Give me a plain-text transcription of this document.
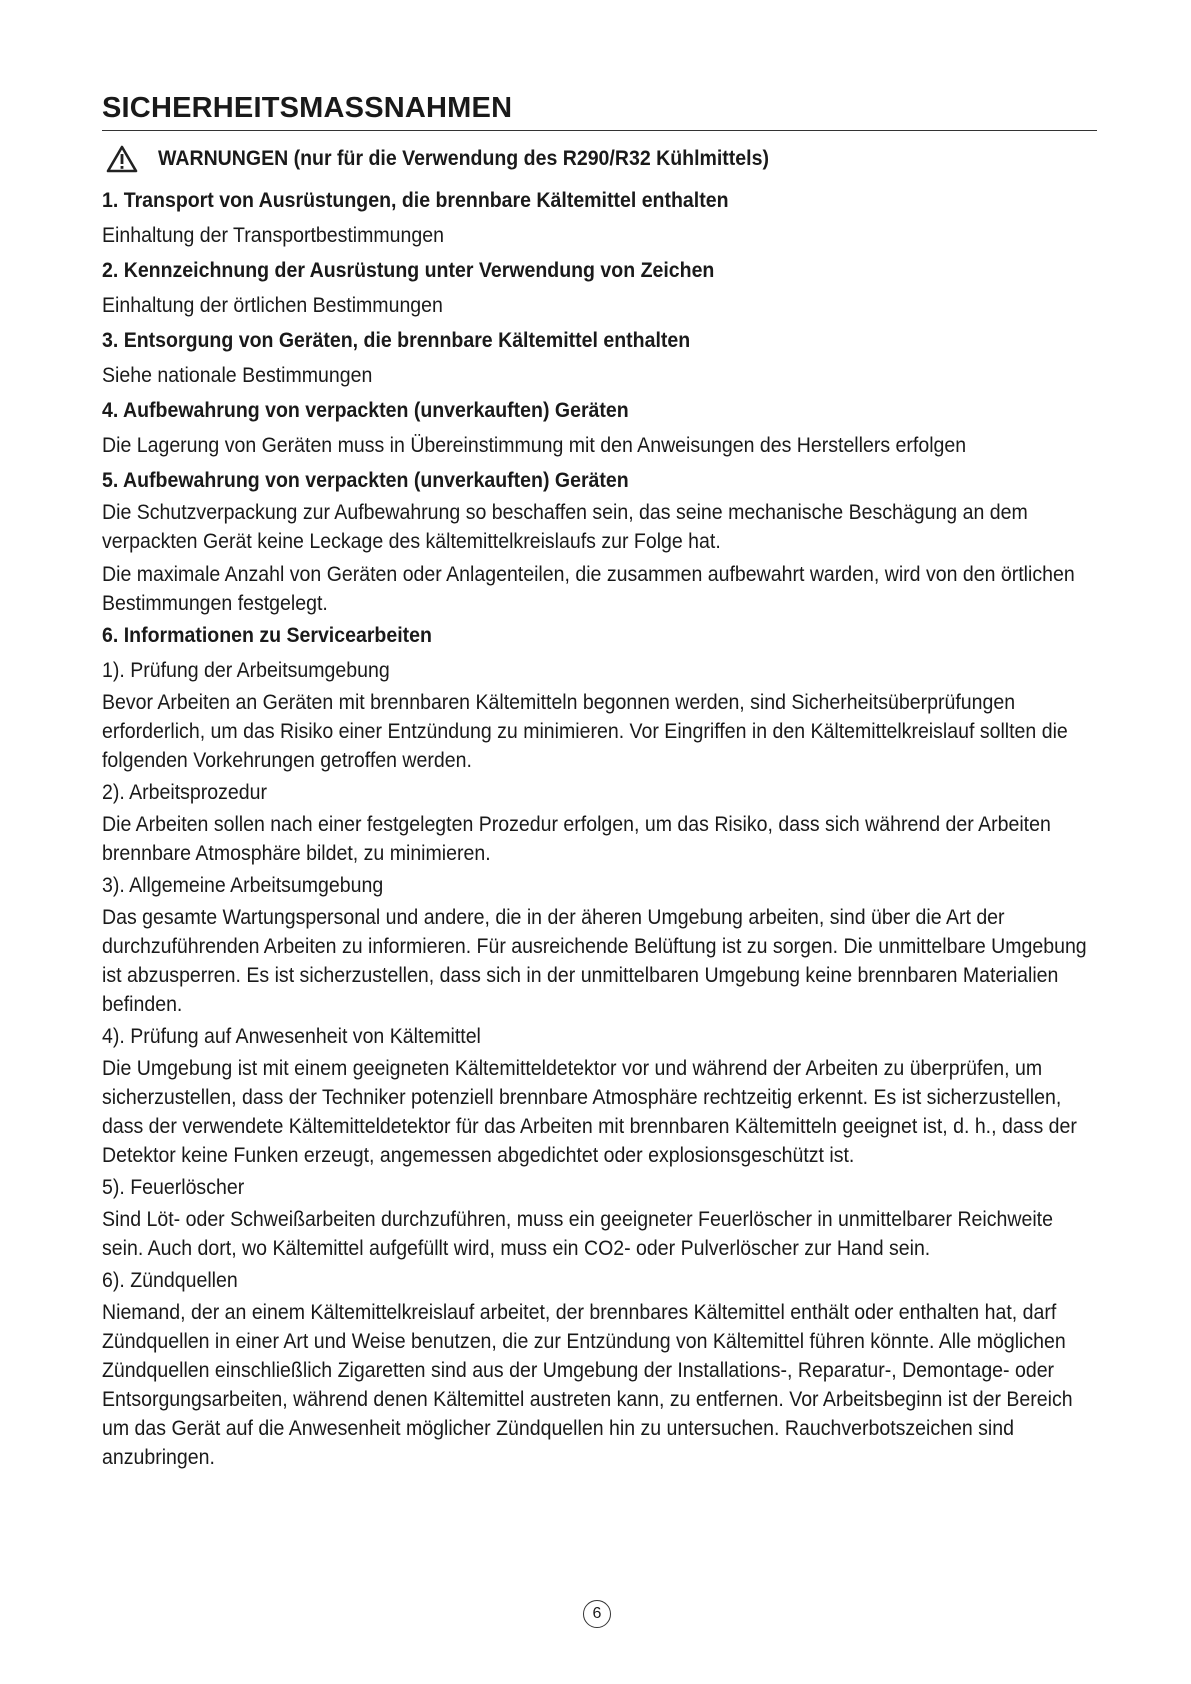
SICHERHEITSMASSNAHMEN
WARNUNGEN (nur für die Verwendung des R290/R32 Kühlmittels)

1. Transport von Ausrüstungen, die brennbare Kältemittel enthalten

Einhaltung der Transportbestimmungen

2. Kennzeichnung der Ausrüstung unter Verwendung von Zeichen

Einhaltung der örtlichen Bestimmungen

3. Entsorgung von Geräten, die brennbare Kältemittel enthalten

Siehe nationale Bestimmungen

4. Aufbewahrung von verpackten (unverkauften) Geräten

Die Lagerung von Geräten muss in Übereinstimmung mit den Anweisungen des Herstellers erfolgen

5. Aufbewahrung von verpackten (unverkauften) Geräten

Die Schutzverpackung zur Aufbewahrung so beschaffen sein, das seine mechanische Beschägung an dem verpackten Gerät keine Leckage des kältemittelkreislaufs zur Folge hat.

Die maximale Anzahl von Geräten oder Anlagenteilen, die zusammen aufbewahrt warden, wird von den örtlichen Bestimmungen festgelegt.

6. Informationen zu Servicearbeiten

1). Prüfung der Arbeitsumgebung

Bevor Arbeiten an Geräten mit brennbaren Kältemitteln begonnen werden, sind Sicherheitsüberprüfungen erforderlich, um das Risiko einer Entzündung zu minimieren. Vor Eingriffen in den Kältemittelkreislauf sollten die folgenden Vorkehrungen getroffen werden.

2). Arbeitsprozedur

Die Arbeiten sollen nach einer festgelegten Prozedur erfolgen, um das Risiko, dass sich während der Arbeiten brennbare Atmosphäre bildet, zu minimieren.

3). Allgemeine Arbeitsumgebung

Das gesamte Wartungspersonal und andere, die in der äheren Umgebung arbeiten, sind über die Art der durchzuführenden Arbeiten zu informieren. Für ausreichende Belüftung ist zu sorgen. Die unmittelbare Umgebung ist abzusperren. Es ist sicherzustellen, dass sich in der unmittelbaren Umgebung keine brennbaren Materialien befinden.

4). Prüfung auf Anwesenheit von Kältemittel

Die Umgebung ist mit einem geeigneten Kältemitteldetektor vor und während der Arbeiten zu überprüfen, um sicherzustellen, dass der Techniker potenziell brennbare Atmosphäre rechtzeitig erkennt. Es ist sicherzustellen, dass der verwendete Kältemitteldetektor für das Arbeiten mit brennbaren Kältemitteln geeignet ist, d. h., dass der Detektor keine Funken erzeugt, angemessen abgedichtet oder explosionsgeschützt ist.

5). Feuerlöscher

Sind Löt- oder Schweißarbeiten durchzuführen, muss ein geeigneter Feuerlöscher in unmittelbarer Reichweite sein. Auch dort, wo Kältemittel aufgefüllt wird, muss ein CO2- oder Pulverlöscher zur Hand sein.

6). Zündquellen

Niemand, der an einem Kältemittelkreislauf arbeitet, der brennbares Kältemittel enthält oder enthalten hat, darf Zündquellen in einer Art und Weise benutzen, die zur Entzündung von Kältemittel führen könnte. Alle möglichen Zündquellen einschließlich Zigaretten sind aus der Umgebung der Installations-, Reparatur-, Demontage- oder Entsorgungsarbeiten, während denen Kältemittel austreten kann, zu entfernen. Vor Arbeitsbeginn ist der Bereich um das Gerät auf die Anwesenheit möglicher Zündquellen hin zu untersuchen. Rauchverbotszeichen sind anzubringen.

6
